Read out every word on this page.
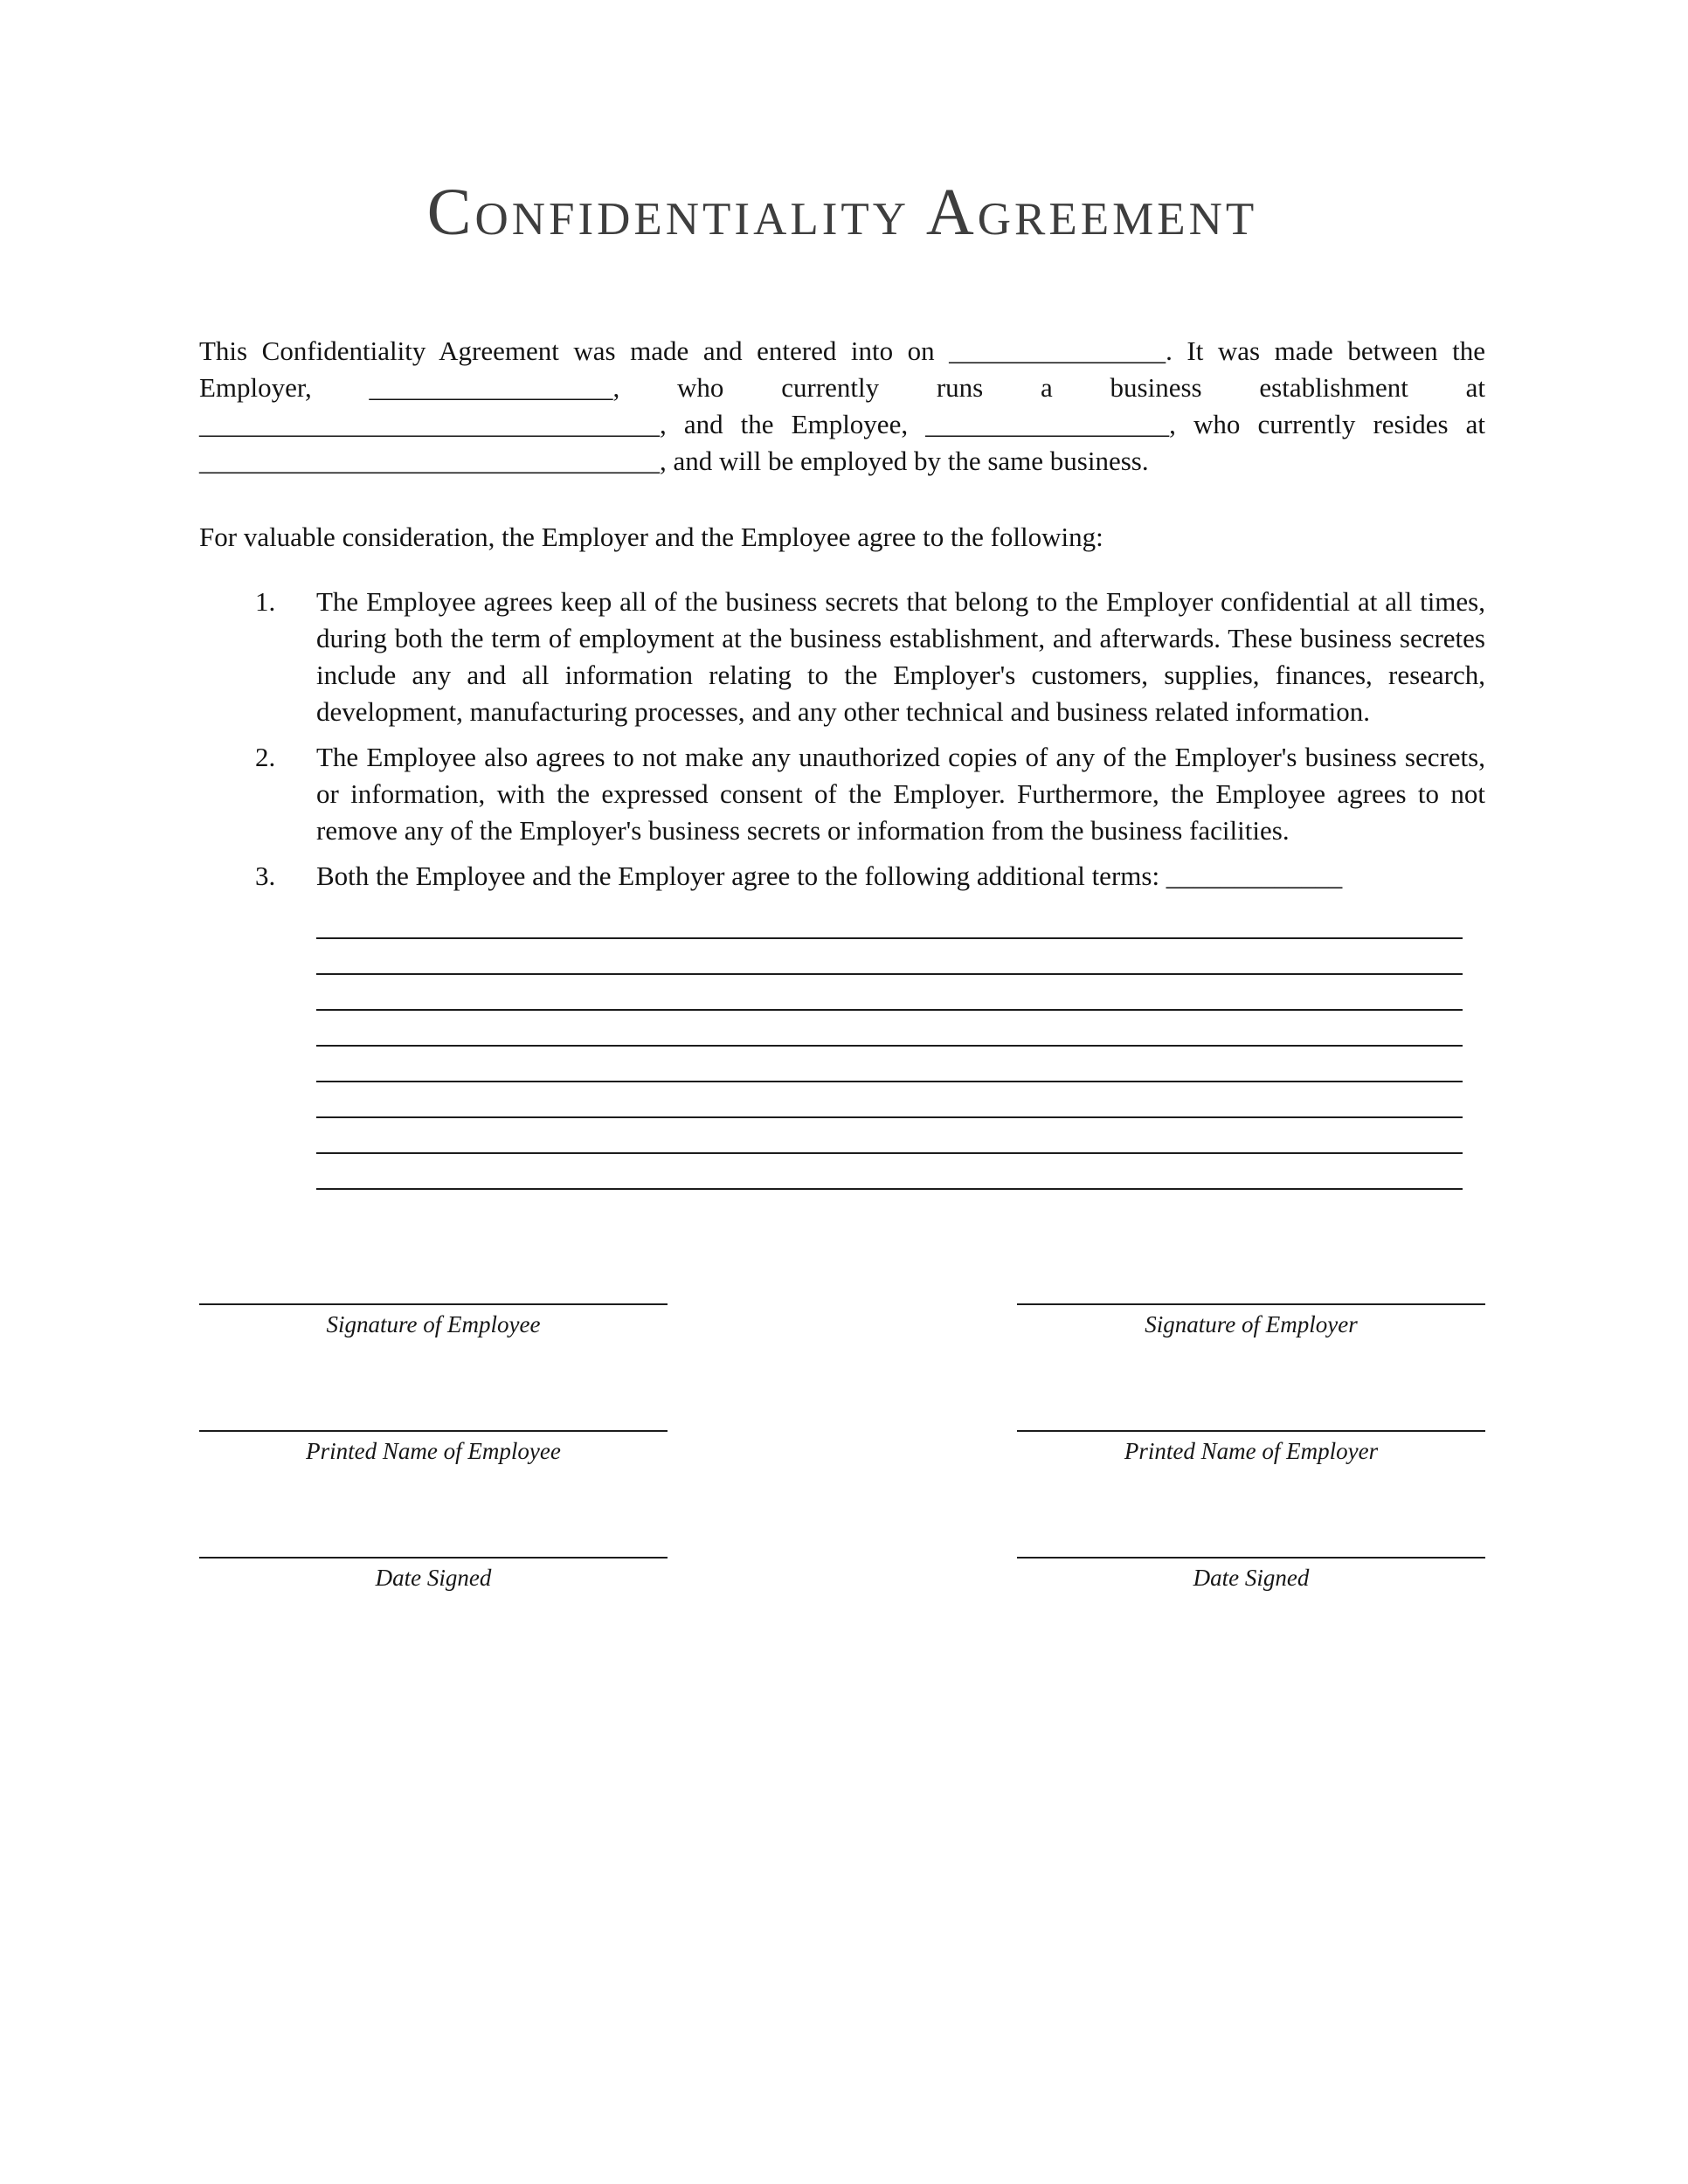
Confidentiality Agreement

This Confidentiality Agreement was made and entered into on ________________. It was made between the Employer, __________________, who currently runs a business establishment at __________________________________, and the Employee, __________________, who currently resides at __________________________________, and will be employed by the same business.

For valuable consideration, the Employer and the Employee agree to the following:

1.	The Employee agrees keep all of the business secrets that belong to the Employer confidential at all times, during both the term of employment at the business establishment, and afterwards. These business secretes include any and all information relating to the Employer's customers, supplies, finances, research, development, manufacturing processes, and any other technical and business related information.
2.	The Employee also agrees to not make any unauthorized copies of any of the Employer's business secrets, or information, with the expressed consent of the Employer. Furthermore, the Employee agrees to not remove any of the Employer's business secrets or information from the business facilities.
3.	Both the Employee and the Employer agree to the following additional terms: _____________
Signature of Employee	Signature of Employer
Printed Name of Employee	Printed Name of Employer
Date Signed	Date Signed
